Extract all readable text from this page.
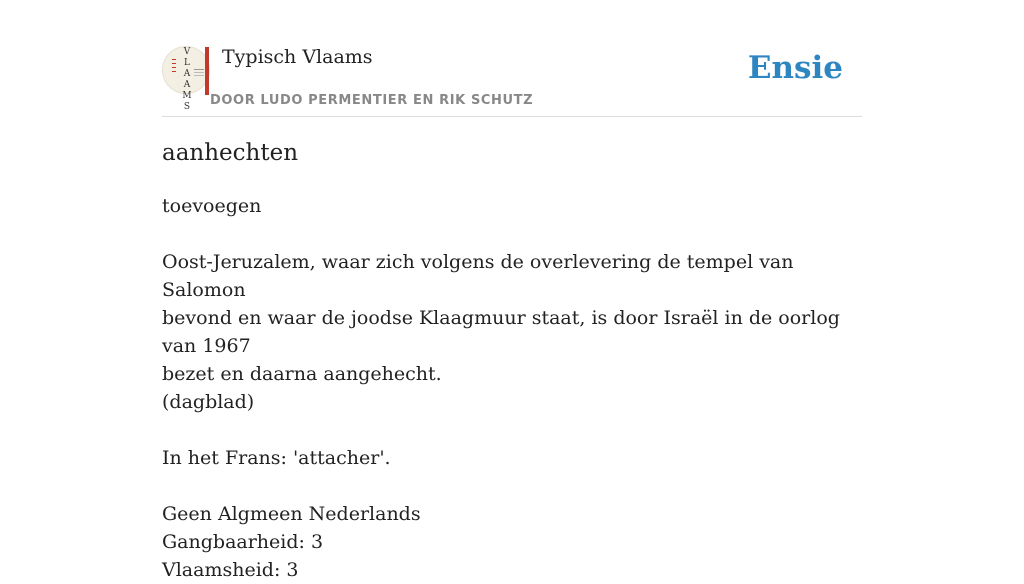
V
L
A
A
M
S
Typisch Vlaams
DOOR LUDO PERMENTIER EN RIK SCHUTZ
Ensie
aanhechten

toevoegen

Oost-Jeruzalem, waar zich volgens de overlevering de tempel van Salomon

bevond en waar de joodse Klaagmuur staat, is door Israël in de oorlog van 1967

bezet en daarna aangehecht.

(dagblad)

In het Frans: 'attacher'.

Geen Algmeen Nederlands

Gangbaarheid: 3

Vlaamsheid: 3
